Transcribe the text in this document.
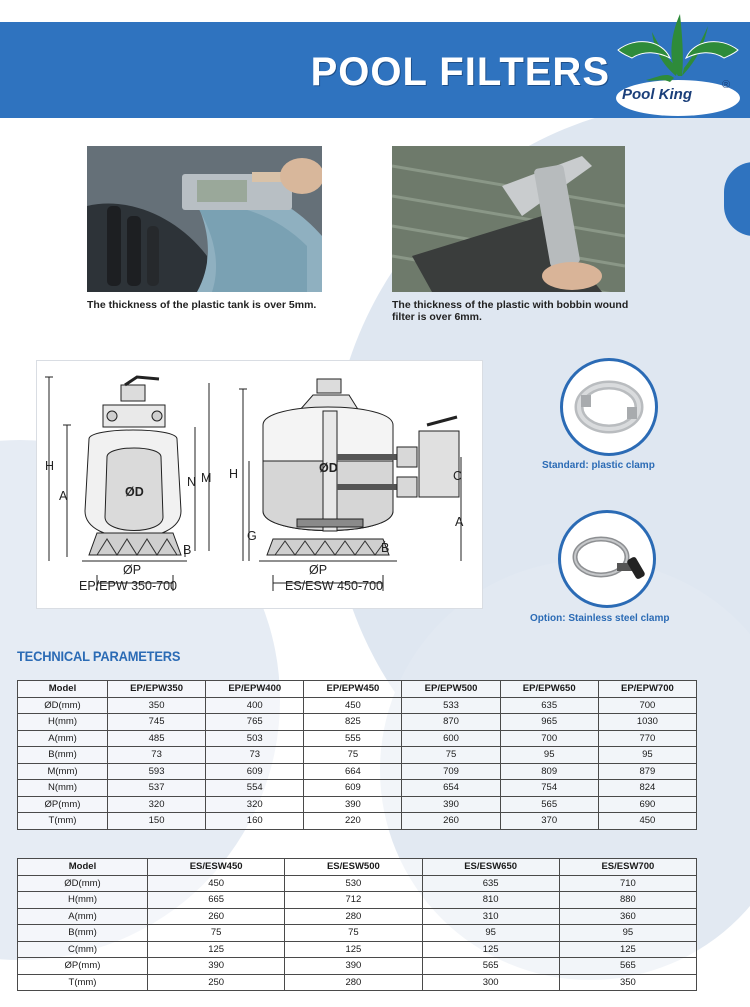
POOL FILTERS
Pool King
®
The thickness of the plastic tank is over 5mm.	The thickness of the plastic with bobbin wound
filter is over 6mm.
H
A	ØD
N M
B
ØP
EP/EPW 350-700
H	ØD
G
C
A
B
ØP
ES/ESW 450-700
Standard: plastic clamp
Option: Stainless steel clamp
TECHNICAL PARAMETERS
Model	EP/EPW350	EP/EPW400	EP/EPW450	EP/EPW500	EP/EPW650	EP/EPW700
ØD(mm)	350	400	450	533	635	700
H(mm)	745	765	825	870	965	1030
A(mm)	485	503	555	600	700	770
B(mm)	73	73	75	75	95	95
M(mm)	593	609	664	709	809	879
N(mm)	537	554	609	654	754	824
ØP(mm)	320	320	390	390	565	690
T(mm)	150	160	220	260	370	450
Model	ES/ESW450	ES/ESW500	ES/ESW650	ES/ESW700
ØD(mm)	450	530	635	710
H(mm)	665	712	810	880
A(mm)	260	280	310	360
B(mm)	75	75	95	95
C(mm)	125	125	125	125
ØP(mm)	390	390	565	565
T(mm)	250	280	300	350
